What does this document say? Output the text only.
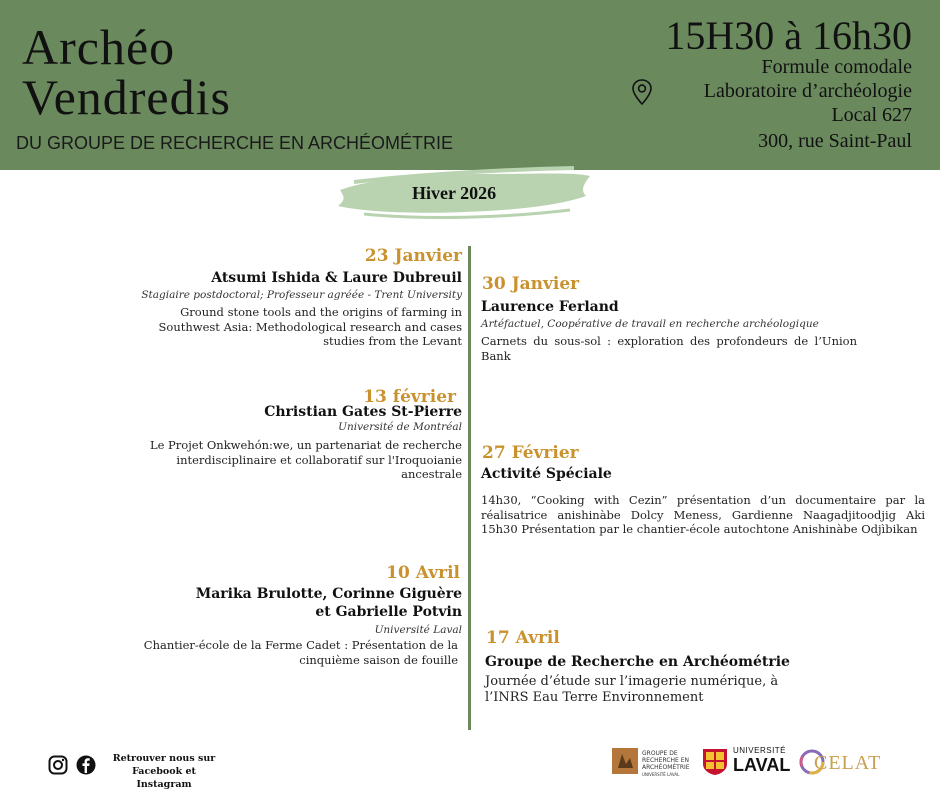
Archéo
Vendredis
DU GROUPE DE RECHERCHE EN ARCHÉOMÉTRIE
15H30 à 16h30
Formule comodale
Laboratoire d’archéologie
Local 627
300, rue Saint-Paul
Hiver 2026
23 Janvier
Atsumi Ishida & Laure Dubreuil
Stagiaire postdoctoral; Professeur agréée - Trent University
Ground stone tools and the origins of farming in Southwest Asia: Methodological research and cases studies from the Levant
30 Janvier
Laurence Ferland
Artéfactuel, Coopérative de travail en recherche archéologique
Carnets du sous-sol : exploration des profondeurs de l’Union Bank
13 février
Christian Gates St-Pierre
Université de Montréal
Le Projet Onkwehón:we, un partenariat de recherche interdisciplinaire et collaboratif sur l'Iroquoianie ancestrale
27 Février
Activité Spéciale
14h30, “Cooking with Cezin” présentation d’un documentaire par la réalisatrice anishinàbe Dolcy Meness, Gardienne Naagadjitoodjig Aki 15h30 Présentation par le chantier-école autochtone Anishinàbe Odjìbikan
10 Avril
Marika Brulotte, Corinne Giguère et Gabrielle Potvin
Université Laval
Chantier-école de la Ferme Cadet : Présentation de la cinquième saison de fouille
17 Avril
Groupe de Recherche en Archéométrie
Journée d’étude sur l’imagerie numérique, à l’INRS Eau Terre Environnement
Retrouver nous sur Facebook et Instagram
GROUPE DE RECHERCHE EN ARCHÉOMÉTRIE
UNIVERSITÉ LAVAL
UNIVERSITÉ
LAVAL CELAT
